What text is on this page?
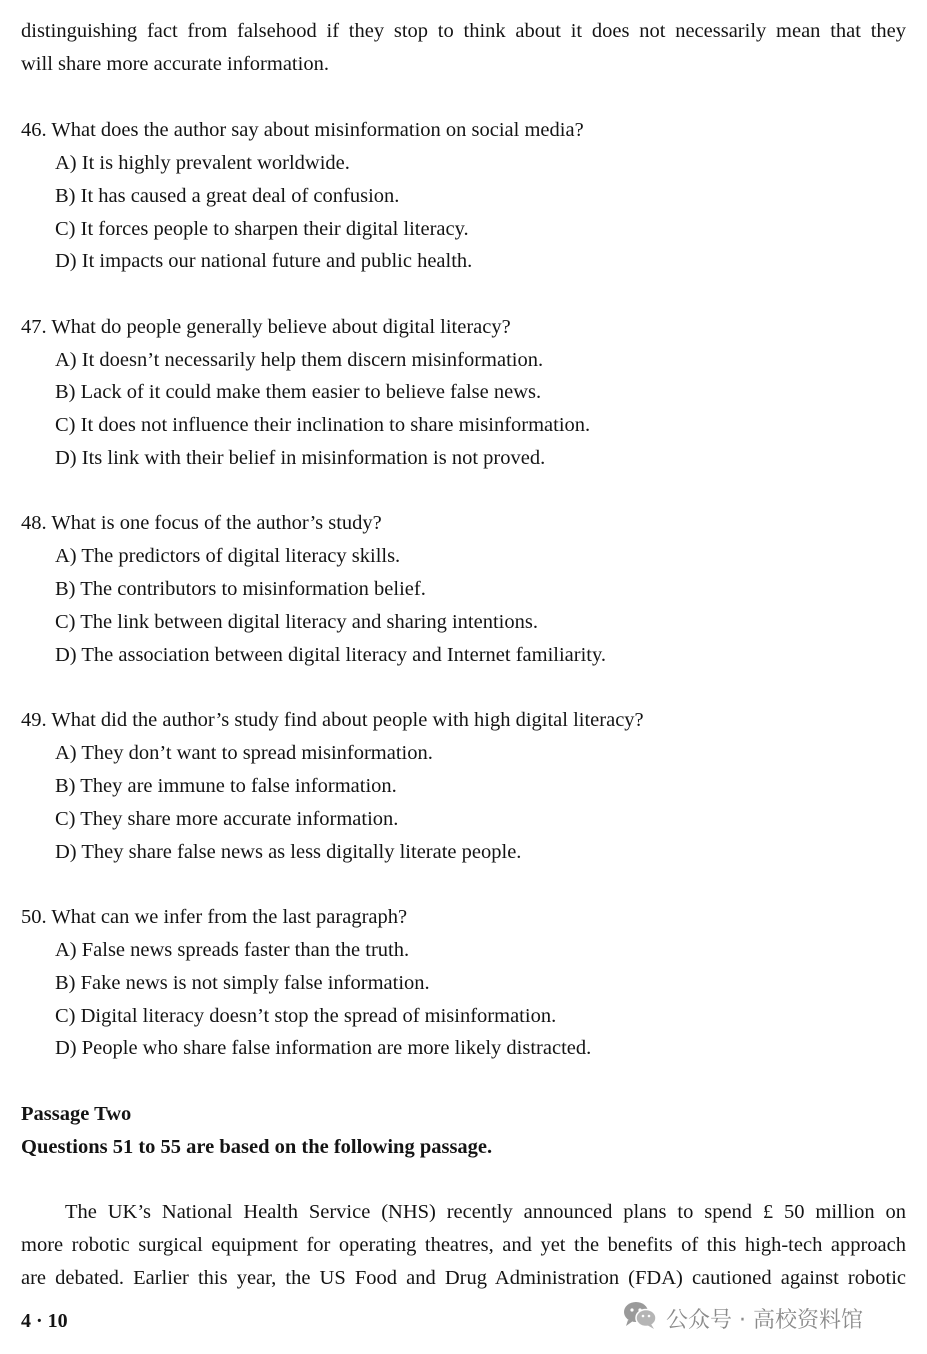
distinguishing fact from falsehood if they stop to think about it does not necessarily mean that they
will share more accurate information.
46. What does the author say about misinformation on social media?
A) It is highly prevalent worldwide.
B) It has caused a great deal of confusion.
C) It forces people to sharpen their digital literacy.
D) It impacts our national future and public health.
47. What do people generally believe about digital literacy?
A) It doesn’t necessarily help them discern misinformation.
B) Lack of it could make them easier to believe false news.
C) It does not influence their inclination to share misinformation.
D) Its link with their belief in misinformation is not proved.
48. What is one focus of the author’s study?
A) The predictors of digital literacy skills.
B) The contributors to misinformation belief.
C) The link between digital literacy and sharing intentions.
D) The association between digital literacy and Internet familiarity.
49. What did the author’s study find about people with high digital literacy?
A) They don’t want to spread misinformation.
B) They are immune to false information.
C) They share more accurate information.
D) They share false news as less digitally literate people.
50. What can we infer from the last paragraph?
A) False news spreads faster than the truth.
B) Fake news is not simply false information.
C) Digital literacy doesn’t stop the spread of misinformation.
D) People who share false information are more likely distracted.
Passage Two
Questions 51 to 55 are based on the following passage.
The UK’s National Health Service (NHS) recently announced plans to spend £ 50 million on
more robotic surgical equipment for operating theatres, and yet the benefits of this high-tech approach
are debated. Earlier this year, the US Food and Drug Administration (FDA) cautioned against robotic
4 · 10	公众号 · 高校资料馆
